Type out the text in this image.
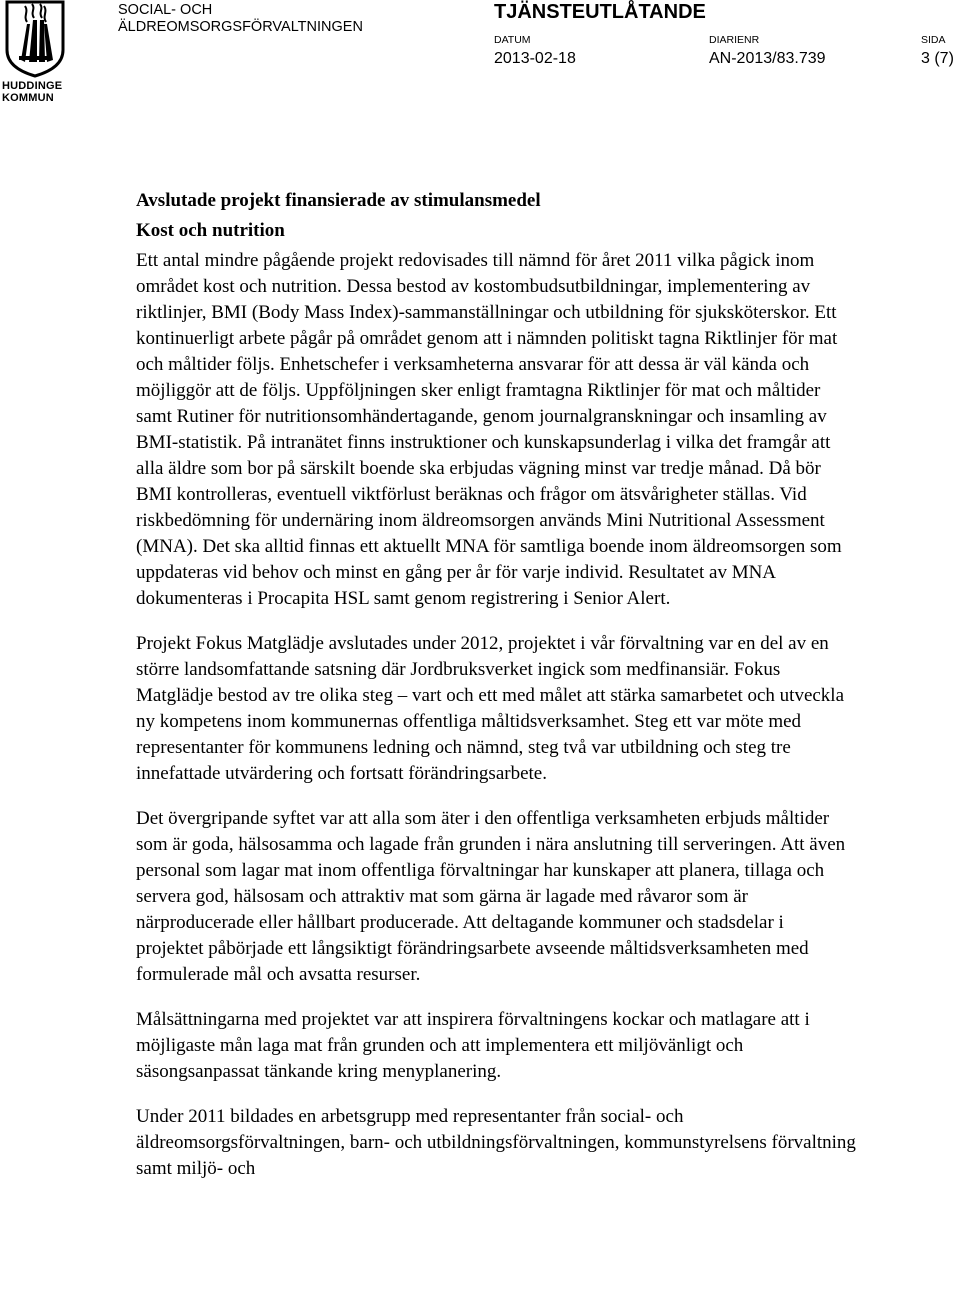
HUDDINGE
KOMMUN
SOCIAL- OCH
ÄLDREOMSORGSFÖRVALTNINGEN
TJÄNSTEUTLÅTANDE
DATUM
2013-02-18
DIARIENR
AN-2013/83.739
SIDA
3 (7)
Avslutade projekt finansierade av stimulansmedel
Kost och nutrition

Ett antal mindre pågående projekt redovisades till nämnd för året 2011 vilka pågick inom området kost och nutrition. Dessa bestod av kostombudsutbildningar, implementering av riktlinjer, BMI (Body Mass Index)-sammanställningar och utbildning för sjuksköterskor. Ett kontinuerligt arbete pågår på området genom att i nämnden politiskt tagna Riktlinjer för mat och måltider följs. Enhetschefer i verksamheterna ansvarar för att dessa är väl kända och möjliggör att de följs. Uppföljningen sker enligt framtagna Riktlinjer för mat och måltider samt Rutiner för nutritionsomhändertagande, genom journalgranskningar och insamling av BMI-statistik. På intranätet finns instruktioner och kunskapsunderlag i vilka det framgår att alla äldre som bor på särskilt boende ska erbjudas vägning minst var tredje månad. Då bör BMI kontrolleras, eventuell viktförlust beräknas och frågor om ätsvårigheter ställas. Vid riskbedömning för undernäring inom äldreomsorgen används Mini Nutritional Assessment (MNA). Det ska alltid finnas ett aktuellt MNA för samtliga boende inom äldreomsorgen som uppdateras vid behov och minst en gång per år för varje individ. Resultatet av MNA dokumenteras i Procapita HSL samt genom registrering i Senior Alert.

Projekt Fokus Matglädje avslutades under 2012, projektet i vår förvaltning var en del av en större landsomfattande satsning där Jordbruksverket ingick som medfinansiär. Fokus Matglädje bestod av tre olika steg – vart och ett med målet att stärka samarbetet och utveckla ny kompetens inom kommunernas offentliga måltidsverksamhet. Steg ett var möte med representanter för kommunens ledning och nämnd, steg två var utbildning och steg tre innefattade utvärdering och fortsatt förändringsarbete.

Det övergripande syftet var att alla som äter i den offentliga verksamheten erbjuds måltider som är goda, hälsosamma och lagade från grunden i nära anslutning till serveringen. Att även personal som lagar mat inom offentliga förvaltningar har kunskaper att planera, tillaga och servera god, hälsosam och attraktiv mat som gärna är lagade med råvaror som är närproducerade eller hållbart producerade. Att deltagande kommuner och stadsdelar i projektet påbörjade ett långsiktigt förändringsarbete avseende måltidsverksamheten med formulerade mål och avsatta resurser.

Målsättningarna med projektet var att inspirera förvaltningens kockar och matlagare att i möjligaste mån laga mat från grunden och att implementera ett miljövänligt och säsongsanpassat tänkande kring menyplanering.

Under 2011 bildades en arbetsgrupp med representanter från social- och äldreomsorgsförvaltningen, barn- och utbildningsförvaltningen, kommunstyrelsens förvaltning samt miljö- och
